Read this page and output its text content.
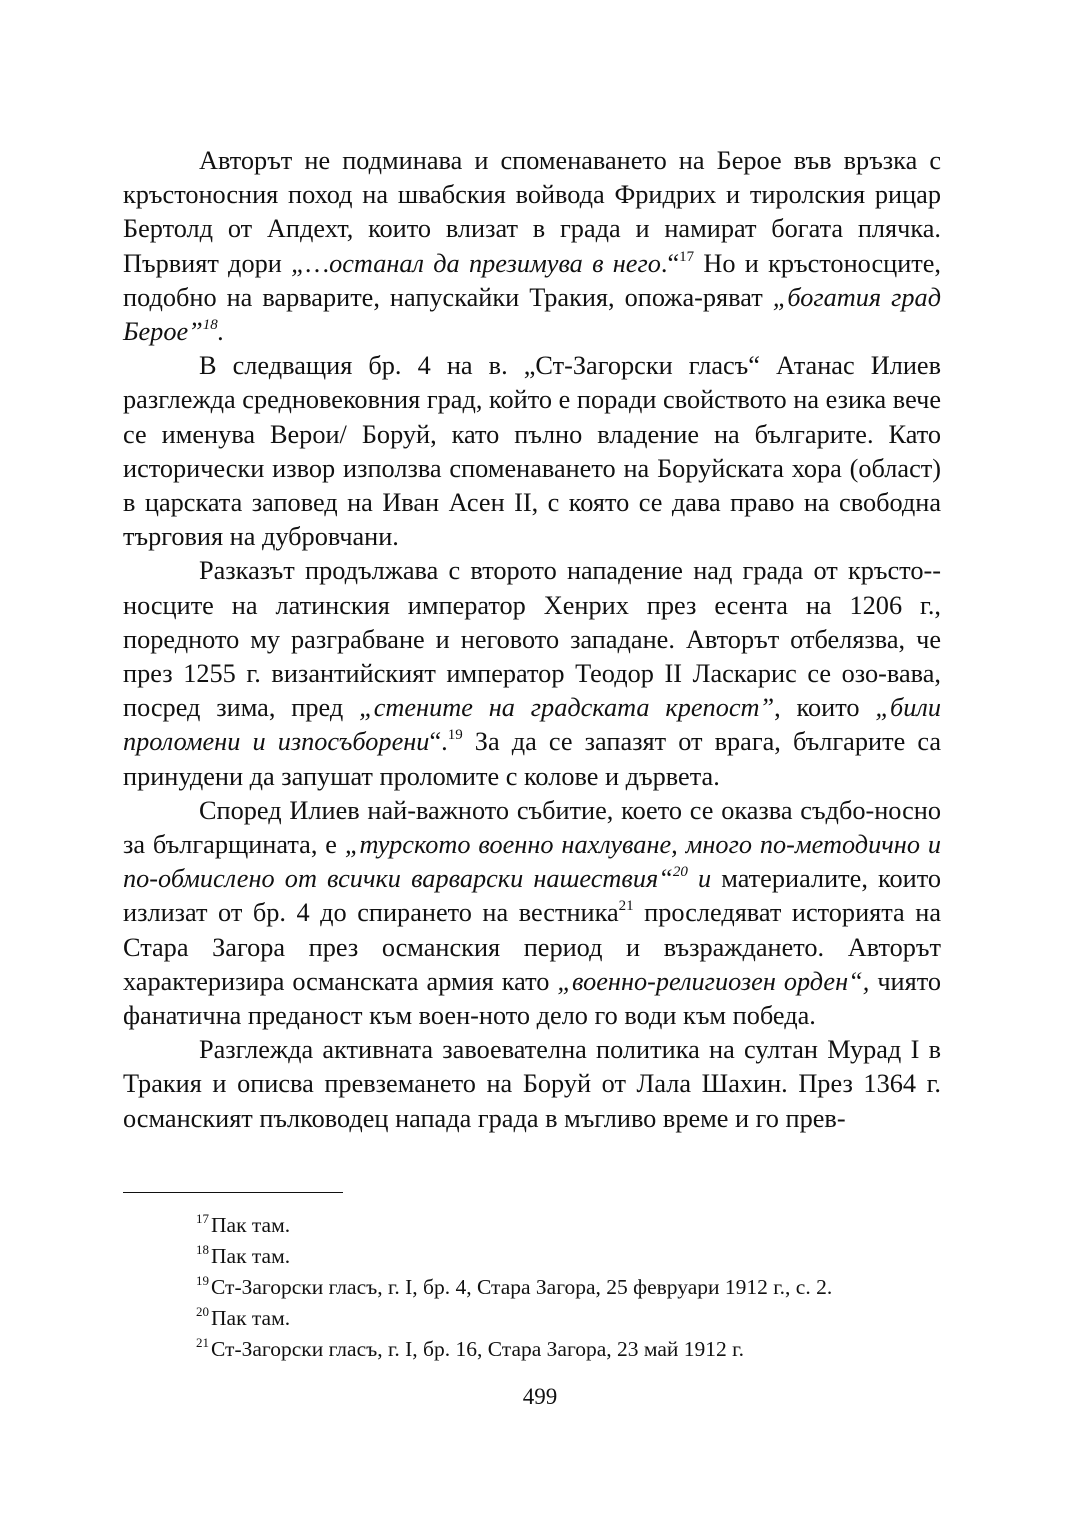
Авторът не подминава и споменаването на Берое във връзка с кръстоносния поход на швабския войвода Фридрих и тиролския рицар Бертолд от Апдехт, които влизат в града и намират богата плячка. Първият дори „…останал да презимува в него.“$^{17}$ Но и кръстоносците, подобно на варварите, напускайки Тракия, опожа-ряват „богатия град Берое”$^{18}$.

В следващия бр. 4 на в. „Ст-Загорски гласъ“ Атанас Илиев разглежда средновековния град, който е поради свойството на езика вече се именува Верои/ Боруй, като пълно владение на българите. Като исторически извор използва споменаването на Боруйската хора (област) в царската заповед на Иван Асен II, с която се дава право на свободна търговия на дубровчани.

Разказът продължава с второто нападение над града от кръсто-носците на латинския император Хенрих през есента на 1206 г., поредното му разграбване и неговото западане. Авторът отбелязва, че през 1255 г. византийският император Теодор II Ласкарис се озо-вава, посред зима, пред „стените на градската крепост”, които „били проломени и изпосъборени“.$^{19}$ За да се запазят от врага, българите са принудени да запушат проломите с колове и дървета.

Според Илиев най-важното събитие, което се оказва съдбо-носно за българщината, е „турското военно нахлуване, много по-методично и по-обмислено от всички варварски нашествия“$^{20}$ и материалите, които излизат от бр. 4 до спирането на вестника$^{21}$ проследяват историята на Стара Загора през османския период и възраждането. Авторът характеризира османската армия като „военно-религиозен орден“, чиято фанатична преданост към воен-ното дело го води към победа.

Разглежда активната завоевателна политика на султан Мурад I в Тракия и описва превземането на Боруй от Лала Шахин. През 1364 г. османският пълководец напада града в мъгливо време и го прев-

$^{17}$Пак там.
$^{18}$Пак там.
$^{19}$Ст-Загорски гласъ, г. I, бр. 4, Стара Загора, 25 февруари 1912 г., с. 2.
$^{20}$Пак там.
$^{21}$Ст-Загорски гласъ, г. I, бр. 16, Стара Загора, 23 май 1912 г.
499
